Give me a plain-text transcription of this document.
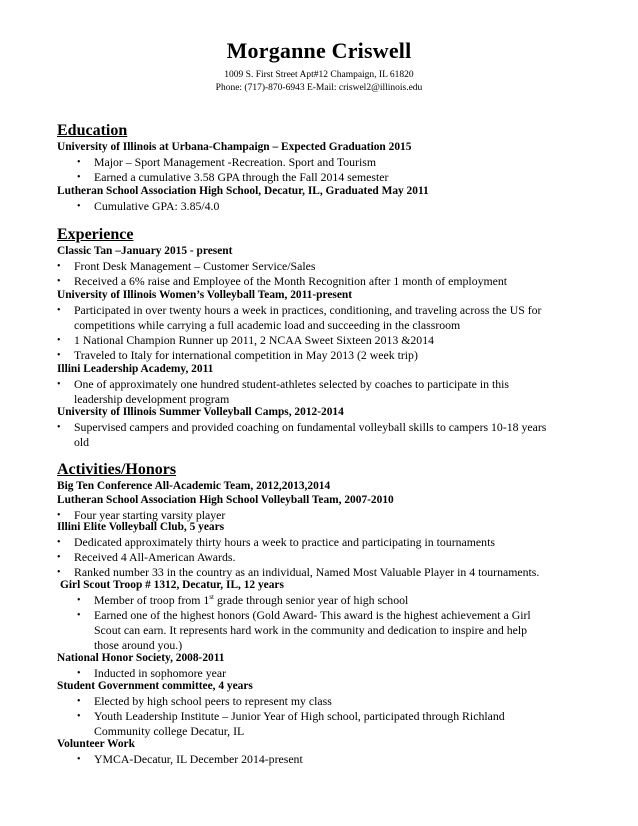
Morganne Criswell
1009 S. First Street Apt#12 Champaign, IL 61820
Phone: (717)-870-6943 E-Mail: criswel2@illinois.edu
Education
University of Illinois at Urbana-Champaign – Expected Graduation 2015
• Major – Sport Management -Recreation. Sport and Tourism
• Earned a cumulative 3.58 GPA through the Fall 2014 semester
Lutheran School Association High School, Decatur, IL, Graduated May 2011
• Cumulative GPA: 3.85/4.0
Experience
Classic Tan –January 2015 - present
• Front Desk Management – Customer Service/Sales
• Received a 6% raise and Employee of the Month Recognition after 1 month of employment
University of Illinois Women’s Volleyball Team, 2011-present
• Participated in over twenty hours a week in practices, conditioning, and traveling across the US for
competitions while carrying a full academic load and succeeding in the classroom
• 1 National Champion Runner up 2011, 2 NCAA Sweet Sixteen 2013 &2014
• Traveled to Italy for international competition in May 2013 (2 week trip)
Illini Leadership Academy, 2011
• One of approximately one hundred student-athletes selected by coaches to participate in this
leadership development program
University of Illinois Summer Volleyball Camps, 2012-2014
• Supervised campers and provided coaching on fundamental volleyball skills to campers 10-18 years
old
Activities/Honors
Big Ten Conference All-Academic Team, 2012,2013,2014
Lutheran School Association High School Volleyball Team, 2007-2010
• Four year starting varsity player
Illini Elite Volleyball Club, 5 years
• Dedicated approximately thirty hours a week to practice and participating in tournaments
• Received 4 All-American Awards.
• Ranked number 33 in the country as an individual, Named Most Valuable Player in 4 tournaments.
Girl Scout Troop # 1312, Decatur, IL, 12 years
• Member of troop from 1st grade through senior year of high school
• Earned one of the highest honors (Gold Award- This award is the highest achievement a Girl
Scout can earn. It represents hard work in the community and dedication to inspire and help
those around you.)
National Honor Society, 2008-2011
• Inducted in sophomore year
Student Government committee, 4 years
• Elected by high school peers to represent my class
• Youth Leadership Institute – Junior Year of High school, participated through Richland
Community college Decatur, IL
Volunteer Work
• YMCA-Decatur, IL December 2014-present
